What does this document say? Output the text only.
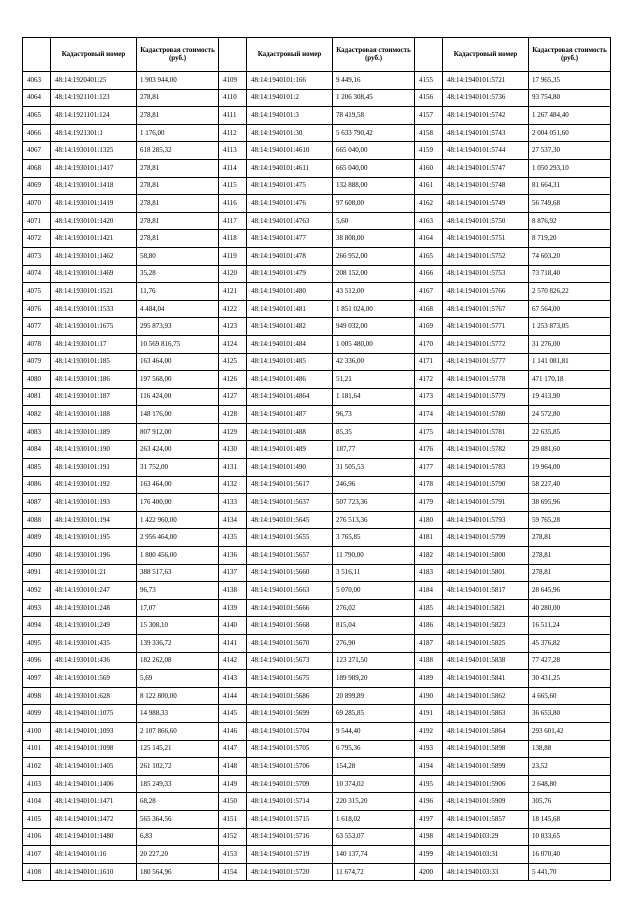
	Кадастровый номер	Кадастровая стоимость (руб.)
4063	48:14:1920401:25	1 903 944,00
4064	48:14:1921101:123	278,81
4065	48:14:1921101:124	278,81
4066	48:14:1921301:1	1 176,00
4067	48:14:1930101:1325	618 285,32
4068	48:14:1930101:1417	278,81
4069	48:14:1930101:1418	278,81
4070	48:14:1930101:1419	278,81
4071	48:14:1930101:1420	278,81
4072	48:14:1930101:1421	278,81
4073	48:14:1930101:1462	58,80
4074	48:14:1930101:1469	35,28
4075	48:14:1930101:1521	11,76
4076	48:14:1930101:1533	4 484,04
4077	48:14:1930101:1675	295 873,93
4078	48:14:1930101:17	10 569 816,75
4079	48:14:1930101:185	163 464,00
4080	48:14:1930101:186	197 568,00
4081	48:14:1930101:187	116 424,00
4082	48:14:1930101:188	148 176,00
4083	48:14:1930101:189	807 912,00
4084	48:14:1930101:190	263 424,00
4085	48:14:1930101:191	31 752,00
4086	48:14:1930101:192	163 464,00
4087	48:14:1930101:193	176 400,00
4088	48:14:1930101:194	1 422 960,00
4089	48:14:1930101:195	2 956 464,00
4090	48:14:1930101:196	1 800 456,00
4091	48:14:1930101:21	388 517,63
4092	48:14:1930101:247	96,73
4093	48:14:1930101:248	17,07
4094	48:14:1930101:249	15 308,10
4095	48:14:1930101:435	139 336,72
4096	48:14:1930101:436	182 262,08
4097	48:14:1930101:569	5,69
4098	48:14:1930101:628	8 122 800,00
4099	48:14:1940101:1075	14 988,33
4100	48:14:1940101:1093	2 107 866,60
4101	48:14:1940101:1098	125 145,21
4102	48:14:1940101:1405	261 102,72
4103	48:14:1940101:1406	185 249,33
4104	48:14:1940101:1471	68,28
4105	48:14:1940101:1472	565 364,56
4106	48:14:1940101:1480	6,83
4107	48:14:1940101:16	20 227,20
4108	48:14:1940101:1610	180 564,96
	Кадастровый номер	Кадастровая стоимость (руб.)
4109	48:14:1940101:166	9 449,16
4110	48:14:1940101:2	1 206 308,45
4111	48:14:1940101:3	78 419,58
4112	48:14:1940101:30	5 633 790,42
4113	48:14:1940101:4610	665 040,00
4114	48:14:1940101:4611	665 040,00
4115	48:14:1940101:475	132 888,00
4116	48:14:1940101:476	97 608,00
4117	48:14:1940101:4763	5,60
4118	48:14:1940101:477	38 808,00
4119	48:14:1940101:478	266 952,00
4120	48:14:1940101:479	208 152,00
4121	48:14:1940101:480	43 512,00
4122	48:14:1940101:481	1 851 024,00
4123	48:14:1940101:482	949 032,00
4124	48:14:1940101:484	1 005 480,00
4125	48:14:1940101:485	42 336,00
4126	48:14:1940101:486	51,21
4127	48:14:1940101:4864	1 181,64
4128	48:14:1940101:487	96,73
4129	48:14:1940101:488	85,35
4130	48:14:1940101:489	187,77
4131	48:14:1940101:490	31 505,53
4132	48:14:1940101:5617	246,96
4133	48:14:1940101:5637	507 723,36
4134	48:14:1940101:5645	276 513,36
4135	48:14:1940101:5655	3 765,85
4136	48:14:1940101:5657	11 790,00
4137	48:14:1940101:5660	3 516,11
4138	48:14:1940101:5663	5 070,00
4139	48:14:1940101:5666	276,02
4140	48:14:1940101:5668	815,04
4141	48:14:1940101:5670	276,90
4142	48:14:1940101:5673	123 271,50
4143	48:14:1940101:5675	189 989,20
4144	48:14:1940101:5686	20 899,89
4145	48:14:1940101:5699	69 285,85
4146	48:14:1940101:5704	9 544,40
4147	48:14:1940101:5705	6 795,36
4148	48:14:1940101:5706	154,28
4149	48:14:1940101:5709	10 374,02
4150	48:14:1940101:5714	220 315,20
4151	48:14:1940101:5715	1 618,02
4152	48:14:1940101:5716	63 553,07
4153	48:14:1940101:5719	140 137,74
4154	48:14:1940101:5720	11 674,72
	Кадастровый номер	Кадастровая стоимость (руб.)
4155	48:14:1940101:5721	17 965,35
4156	48:14:1940101:5736	93 754,80
4157	48:14:1940101:5742	1 267 484,40
4158	48:14:1940101:5743	2 004 051,60
4159	48:14:1940101:5744	27 537,30
4160	48:14:1940101:5747	1 050 293,10
4161	48:14:1940101:5748	81 664,31
4162	48:14:1940101:5749	56 749,68
4163	48:14:1940101:5750	8 876,92
4164	48:14:1940101:5751	8 719,20
4165	48:14:1940101:5752	74 603,20
4166	48:14:1940101:5753	73 718,40
4167	48:14:1940101:5766	2 570 826,22
4168	48:14:1940101:5767	67 564,00
4169	48:14:1940101:5771	1 253 873,05
4170	48:14:1940101:5772	31 276,00
4171	48:14:1940101:5777	1 141 081,81
4172	48:14:1940101:5778	471 170,18
4173	48:14:1940101:5779	19 413,90
4174	48:14:1940101:5780	24 572,80
4175	48:14:1940101:5781	22 635,85
4176	48:14:1940101:5782	29 881,60
4177	48:14:1940101:5783	19 964,00
4178	48:14:1940101:5790	58 227,40
4179	48:14:1940101:5791	38 695,96
4180	48:14:1940101:5793	59 765,28
4181	48:14:1940101:5799	278,81
4182	48:14:1940101:5800	278,81
4183	48:14:1940101:5801	278,81
4184	48:14:1940101:5817	28 645,96
4185	48:14:1940101:5821	40 280,00
4186	48:14:1940101:5823	16 511,24
4187	48:14:1940101:5825	45 376,82
4188	48:14:1940101:5838	77 427,28
4189	48:14:1940101:5841	30 431,25
4190	48:14:1940101:5862	4 665,60
4191	48:14:1940101:5863	36 653,80
4192	48:14:1940101:5864	293 601,42
4193	48:14:1940101:5898	138,88
4194	48:14:1940101:5899	23,52
4195	48:14:1940101:5906	2 648,80
4196	48:14:1940101:5909	305,76
4197	48:14:1940101:5857	18 145,68
4198	48:14:1940103:29	10 833,65
4199	48:14:1940103:31	16 070,40
4200	48:14:1940103:33	5 441,70
